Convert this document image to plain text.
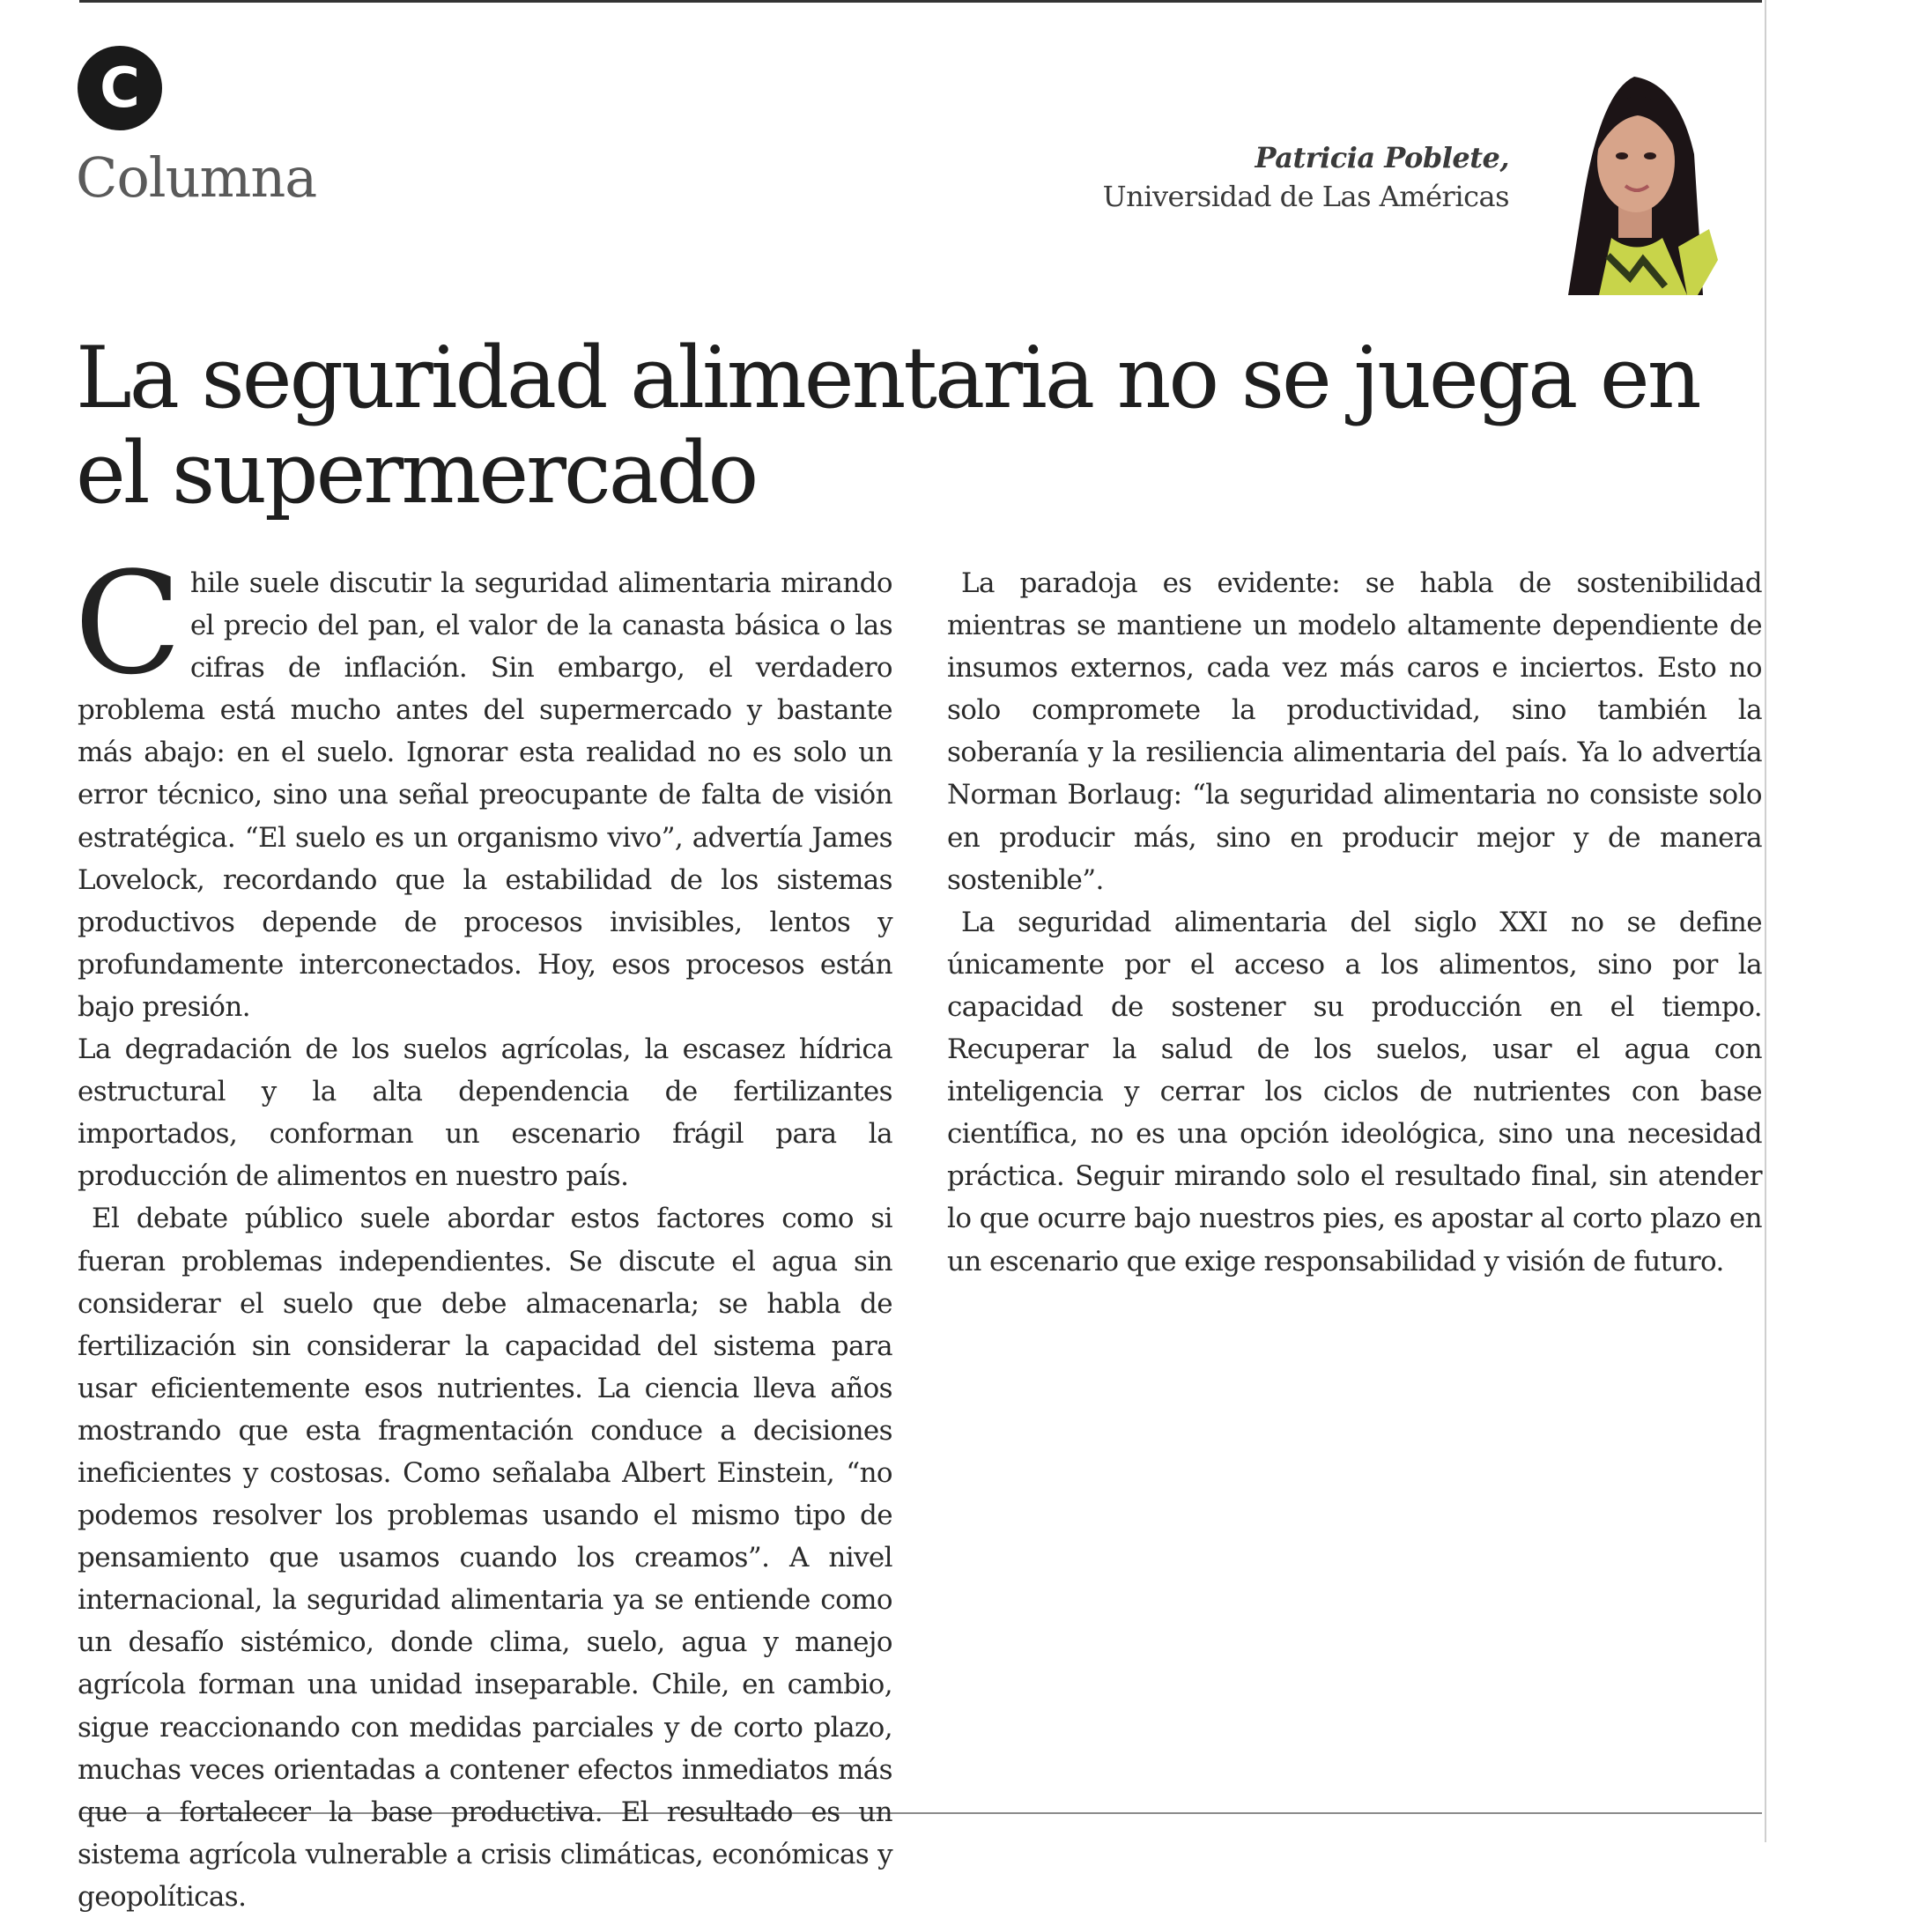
C
Columna	Patricia Poblete,
Universidad de Las Américas
La seguridad alimentaria no se juega en el supermercado

C hile suele discutir la seguridad alimentaria mirando el precio del pan, el valor de la canasta básica o las cifras de inflación. Sin embargo, el verdadero problema está mucho antes del supermercado y bastante más abajo: en el suelo. Ignorar esta realidad no es solo un error técnico, sino una señal preocupante de falta de visión estratégica. “El suelo es un organismo vivo”, advertía James Lovelock, recordando que la estabilidad de los sistemas productivos depende de procesos invisibles, lentos y profundamente interconectados. Hoy, esos procesos están bajo presión.

La degradación de los suelos agrícolas, la escasez hídrica estructural y la alta dependencia de fertilizantes importados, conforman un escenario frágil para la producción de alimentos en nuestro país.

El debate público suele abordar estos factores como si fueran problemas independientes. Se discute el agua sin considerar el suelo que debe almacenarla; se habla de fertilización sin considerar la capacidad del sistema para usar eficientemente esos nutrientes. La ciencia lleva años mostrando que esta fragmentación conduce a decisiones ineficientes y costosas. Como señalaba Albert Einstein, “no podemos resolver los problemas usando el mismo tipo de pensamiento que usamos cuando los creamos”. A nivel internacional, la seguridad alimentaria ya se entiende como un desafío sistémico, donde clima, suelo, agua y manejo agrícola forman una unidad inseparable. Chile, en cambio, sigue reaccionando con medidas parciales y de corto plazo, muchas veces orientadas a contener efectos inmediatos más que a fortalecer la base productiva. El resultado es un sistema agrícola vulnerable a crisis climáticas, económicas y geopolíticas.

La paradoja es evidente: se habla de sostenibilidad mientras se mantiene un modelo altamente dependiente de insumos externos, cada vez más caros e inciertos. Esto no solo compromete la productividad, sino también la soberanía y la resiliencia alimentaria del país. Ya lo advertía Norman Borlaug: “la seguridad alimentaria no consiste solo en producir más, sino en producir mejor y de manera sostenible”.

La seguridad alimentaria del siglo XXI no se define únicamente por el acceso a los alimentos, sino por la capacidad de sostener su producción en el tiempo. Recuperar la salud de los suelos, usar el agua con inteligencia y cerrar los ciclos de nutrientes con base científica, no es una opción ideológica, sino una necesidad práctica. Seguir mirando solo el resultado final, sin atender lo que ocurre bajo nuestros pies, es apostar al corto plazo en un escenario que exige responsabilidad y visión de futuro.
